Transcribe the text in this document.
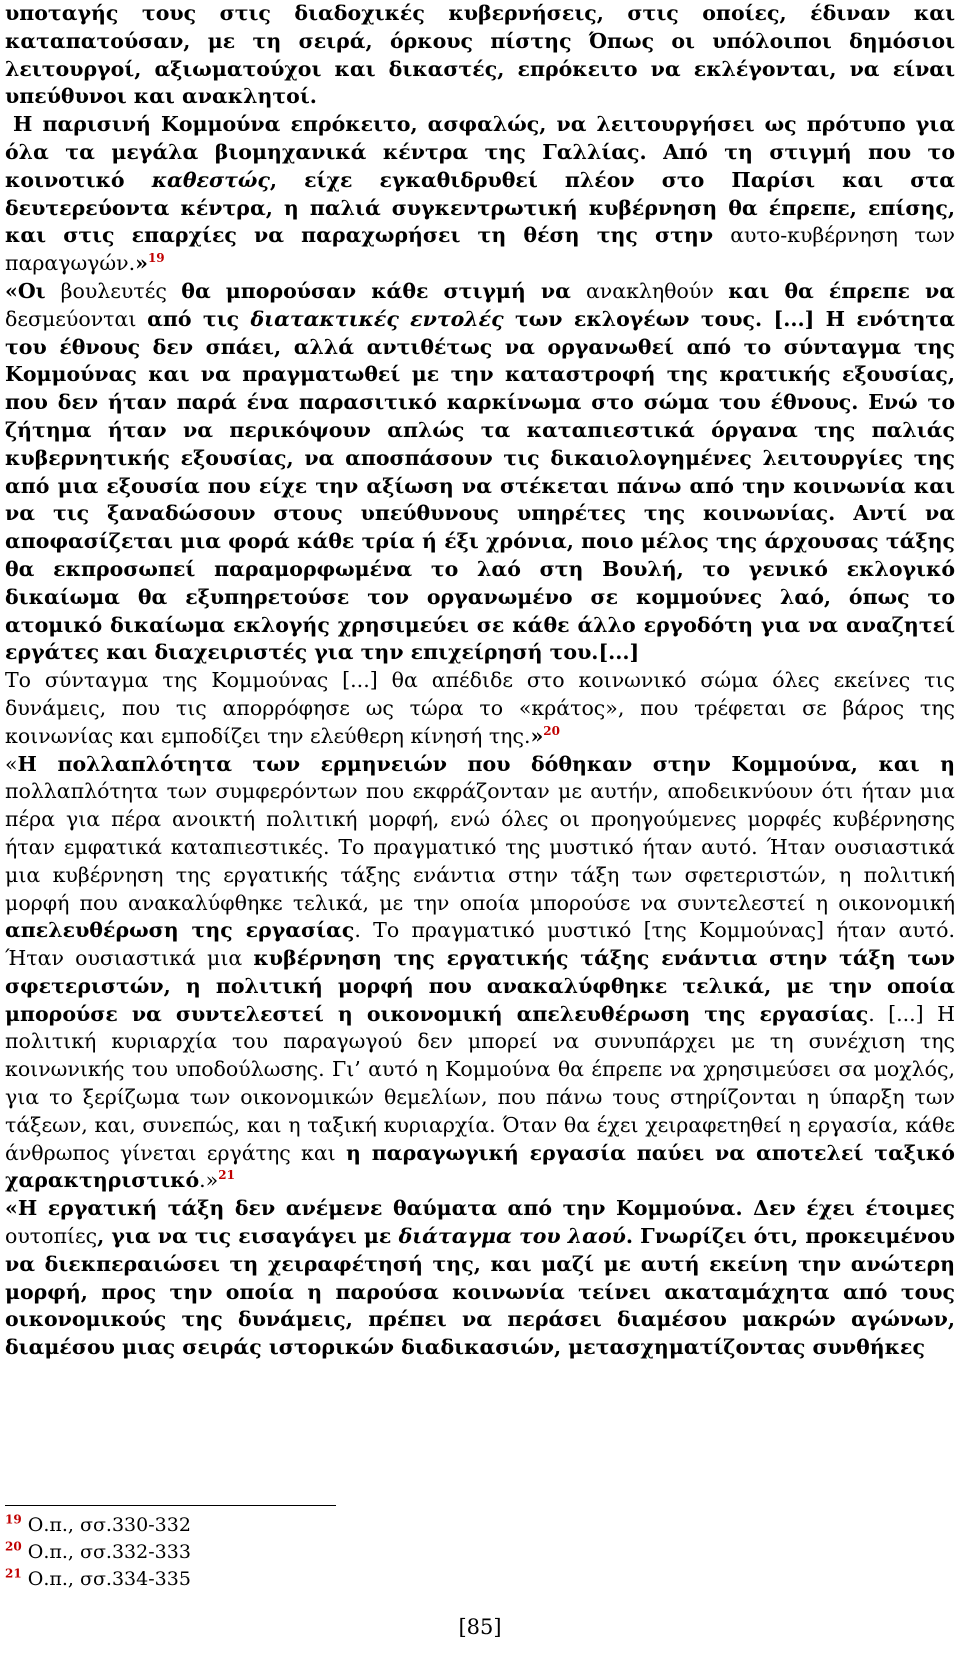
υποταγής τους στις διαδοχικές κυβερνήσεις, στις οποίες, έδιναν και καταπατούσαν, με τη σειρά, όρκους πίστης Όπως οι υπόλοιποι δημόσιοι λειτουργοί, αξιωματούχοι και δικαστές, επρόκειτο να εκλέγονται, να είναι υπεύθυνοι και ανακλητοί.

Η παρισινή Κομμούνα επρόκειτο, ασφαλώς, να λειτουργήσει ως πρότυπο για όλα τα μεγάλα βιομηχανικά κέντρα της Γαλλίας. Από τη στιγμή που το κοινοτικό καθεστώς, είχε εγκαθιδρυθεί πλέον στο Παρίσι και στα δευτερεύοντα κέντρα, η παλιά συγκεντρωτική κυβέρνηση θα έπρεπε, επίσης, και στις επαρχίες να παραχωρήσει τη θέση της στην αυτο-κυβέρνηση των παραγωγών.»$^{19}$

«Οι βουλευτές θα μπορούσαν κάθε στιγμή να ανακληθούν και θα έπρεπε να δεσμεύονται από τις διατακτικές εντολές των εκλογέων τους. [...] Η ενότητα του έθνους δεν σπάει, αλλά αντιθέτως να οργανωθεί από το σύνταγμα της Κομμούνας και να πραγματωθεί με την καταστροφή της κρατικής εξουσίας, που δεν ήταν παρά ένα παρασιτικό καρκίνωμα στο σώμα του έθνους. Ενώ το ζήτημα ήταν να περικόψουν απλώς τα καταπιεστικά όργανα της παλιάς κυβερνητικής εξουσίας, να αποσπάσουν τις δικαιολογημένες λειτουργίες της από μια εξουσία που είχε την αξίωση να στέκεται πάνω από την κοινωνία και να τις ξαναδώσουν στους υπεύθυνους υπηρέτες της κοινωνίας. Αντί να αποφασίζεται μια φορά κάθε τρία ή έξι χρόνια, ποιο μέλος της άρχουσας τάξης θα εκπροσωπεί παραμορφωμένα το λαό στη Βουλή, το γενικό εκλογικό δικαίωμα θα εξυπηρετούσε τον οργανωμένο σε κομμούνες λαό, όπως το ατομικό δικαίωμα εκλογής χρησιμεύει σε κάθε άλλο εργοδότη για να αναζητεί εργάτες και διαχειριστές για την επιχείρησή του.[...]

Το σύνταγμα της Κομμούνας [...] θα απέδιδε στο κοινωνικό σώμα όλες εκείνες τις δυνάμεις, που τις απορρόφησε ως τώρα το «κράτος», που τρέφεται σε βάρος της κοινωνίας και εμποδίζει την ελεύθερη κίνησή της.»$^{20}$

«Η πολλαπλότητα των ερμηνειών που δόθηκαν στην Κομμούνα, και η πολλαπλότητα των συμφερόντων που εκφράζονταν με αυτήν, αποδεικνύουν ότι ήταν μια πέρα για πέρα ανοικτή πολιτική μορφή, ενώ όλες οι προηγούμενες μορφές κυβέρνησης ήταν εμφατικά καταπιεστικές. Το πραγματικό της μυστικό ήταν αυτό. Ήταν ουσιαστικά μια κυβέρνηση της εργατικής τάξης ενάντια στην τάξη των σφετεριστών, η πολιτική μορφή που ανακαλύφθηκε τελικά, με την οποία μπορούσε να συντελεστεί η οικονομική απελευθέρωση της εργασίας. Το πραγματικό μυστικό [της Κομμούνας] ήταν αυτό. Ήταν ουσιαστικά μια κυβέρνηση της εργατικής τάξης ενάντια στην τάξη των σφετεριστών, η πολιτική μορφή που ανακαλύφθηκε τελικά, με την οποία μπορούσε να συντελεστεί η οικονομική απελευθέρωση της εργασίας. [...] Η πολιτική κυριαρχία του παραγωγού δεν μπορεί να συνυπάρχει με τη συνέχιση της κοινωνικής του υποδούλωσης. Γι’ αυτό η Κομμούνα θα έπρεπε να χρησιμεύσει σα μοχλός, για το ξερίζωμα των οικονομικών θεμελίων, που πάνω τους στηρίζονται η ύπαρξη των τάξεων, και, συνεπώς, και η ταξική κυριαρχία. Όταν θα έχει χειραφετηθεί η εργασία, κάθε άνθρωπος γίνεται εργάτης και η παραγωγική εργασία παύει να αποτελεί ταξικό χαρακτηριστικό.»$^{21}$

«Η εργατική τάξη δεν ανέμενε θαύματα από την Κομμούνα. Δεν έχει έτοιμες ουτοπίες, για να τις εισαγάγει με διάταγμα του λαού. Γνωρίζει ότι, προκειμένου να διεκπεραιώσει τη χειραφέτησή της, και μαζί με αυτή εκείνη την ανώτερη μορφή, προς την οποία η παρούσα κοινωνία τείνει ακαταμάχητα από τους οικονομικούς της δυνάμεις, πρέπει να περάσει διαμέσου μακρών αγώνων, διαμέσου μιας σειράς ιστορικών διαδικασιών, μετασχηματίζοντας συνθήκες

$^{19}$ Ο.π., σσ.330-332

$^{20}$ Ο.π., σσ.332-333

$^{21}$ Ο.π., σσ.334-335

[85]
